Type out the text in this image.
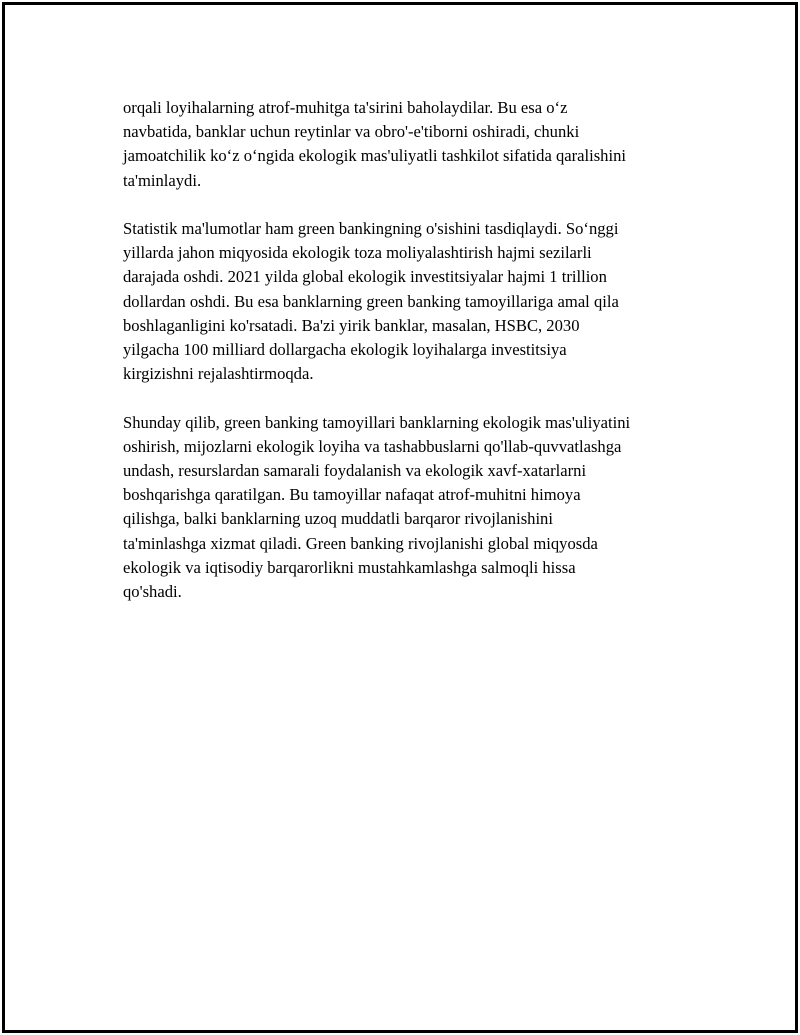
orqali loyihalarning atrof-muhitga ta'sirini baholaydilar. Bu esa o‘z
navbatida, banklar uchun reytinlar va obro'-e'tiborni oshiradi, chunki
jamoatchilik ko‘z o‘ngida ekologik mas'uliyatli tashkilot sifatida qaralishini
ta'minlaydi.

Statistik ma'lumotlar ham green bankingning o'sishini tasdiqlaydi. So‘nggi
yillarda jahon miqyosida ekologik toza moliyalashtirish hajmi sezilarli
darajada oshdi. 2021 yilda global ekologik investitsiyalar hajmi 1 trillion
dollardan oshdi. Bu esa banklarning green banking tamoyillariga amal qila
boshlaganligini ko'rsatadi. Ba'zi yirik banklar, masalan, HSBC, 2030
yilgacha 100 milliard dollargacha ekologik loyihalarga investitsiya
kirgizishni rejalashtirmoqda.

Shunday qilib, green banking tamoyillari banklarning ekologik mas'uliyatini
oshirish, mijozlarni ekologik loyiha va tashabbuslarni qo'llab-quvvatlashga
undash, resurslardan samarali foydalanish va ekologik xavf-xatarlarni
boshqarishga qaratilgan. Bu tamoyillar nafaqat atrof-muhitni himoya
qilishga, balki banklarning uzoq muddatli barqaror rivojlanishini
ta'minlashga xizmat qiladi. Green banking rivojlanishi global miqyosda
ekologik va iqtisodiy barqarorlikni mustahkamlashga salmoqli hissa
qo'shadi.
